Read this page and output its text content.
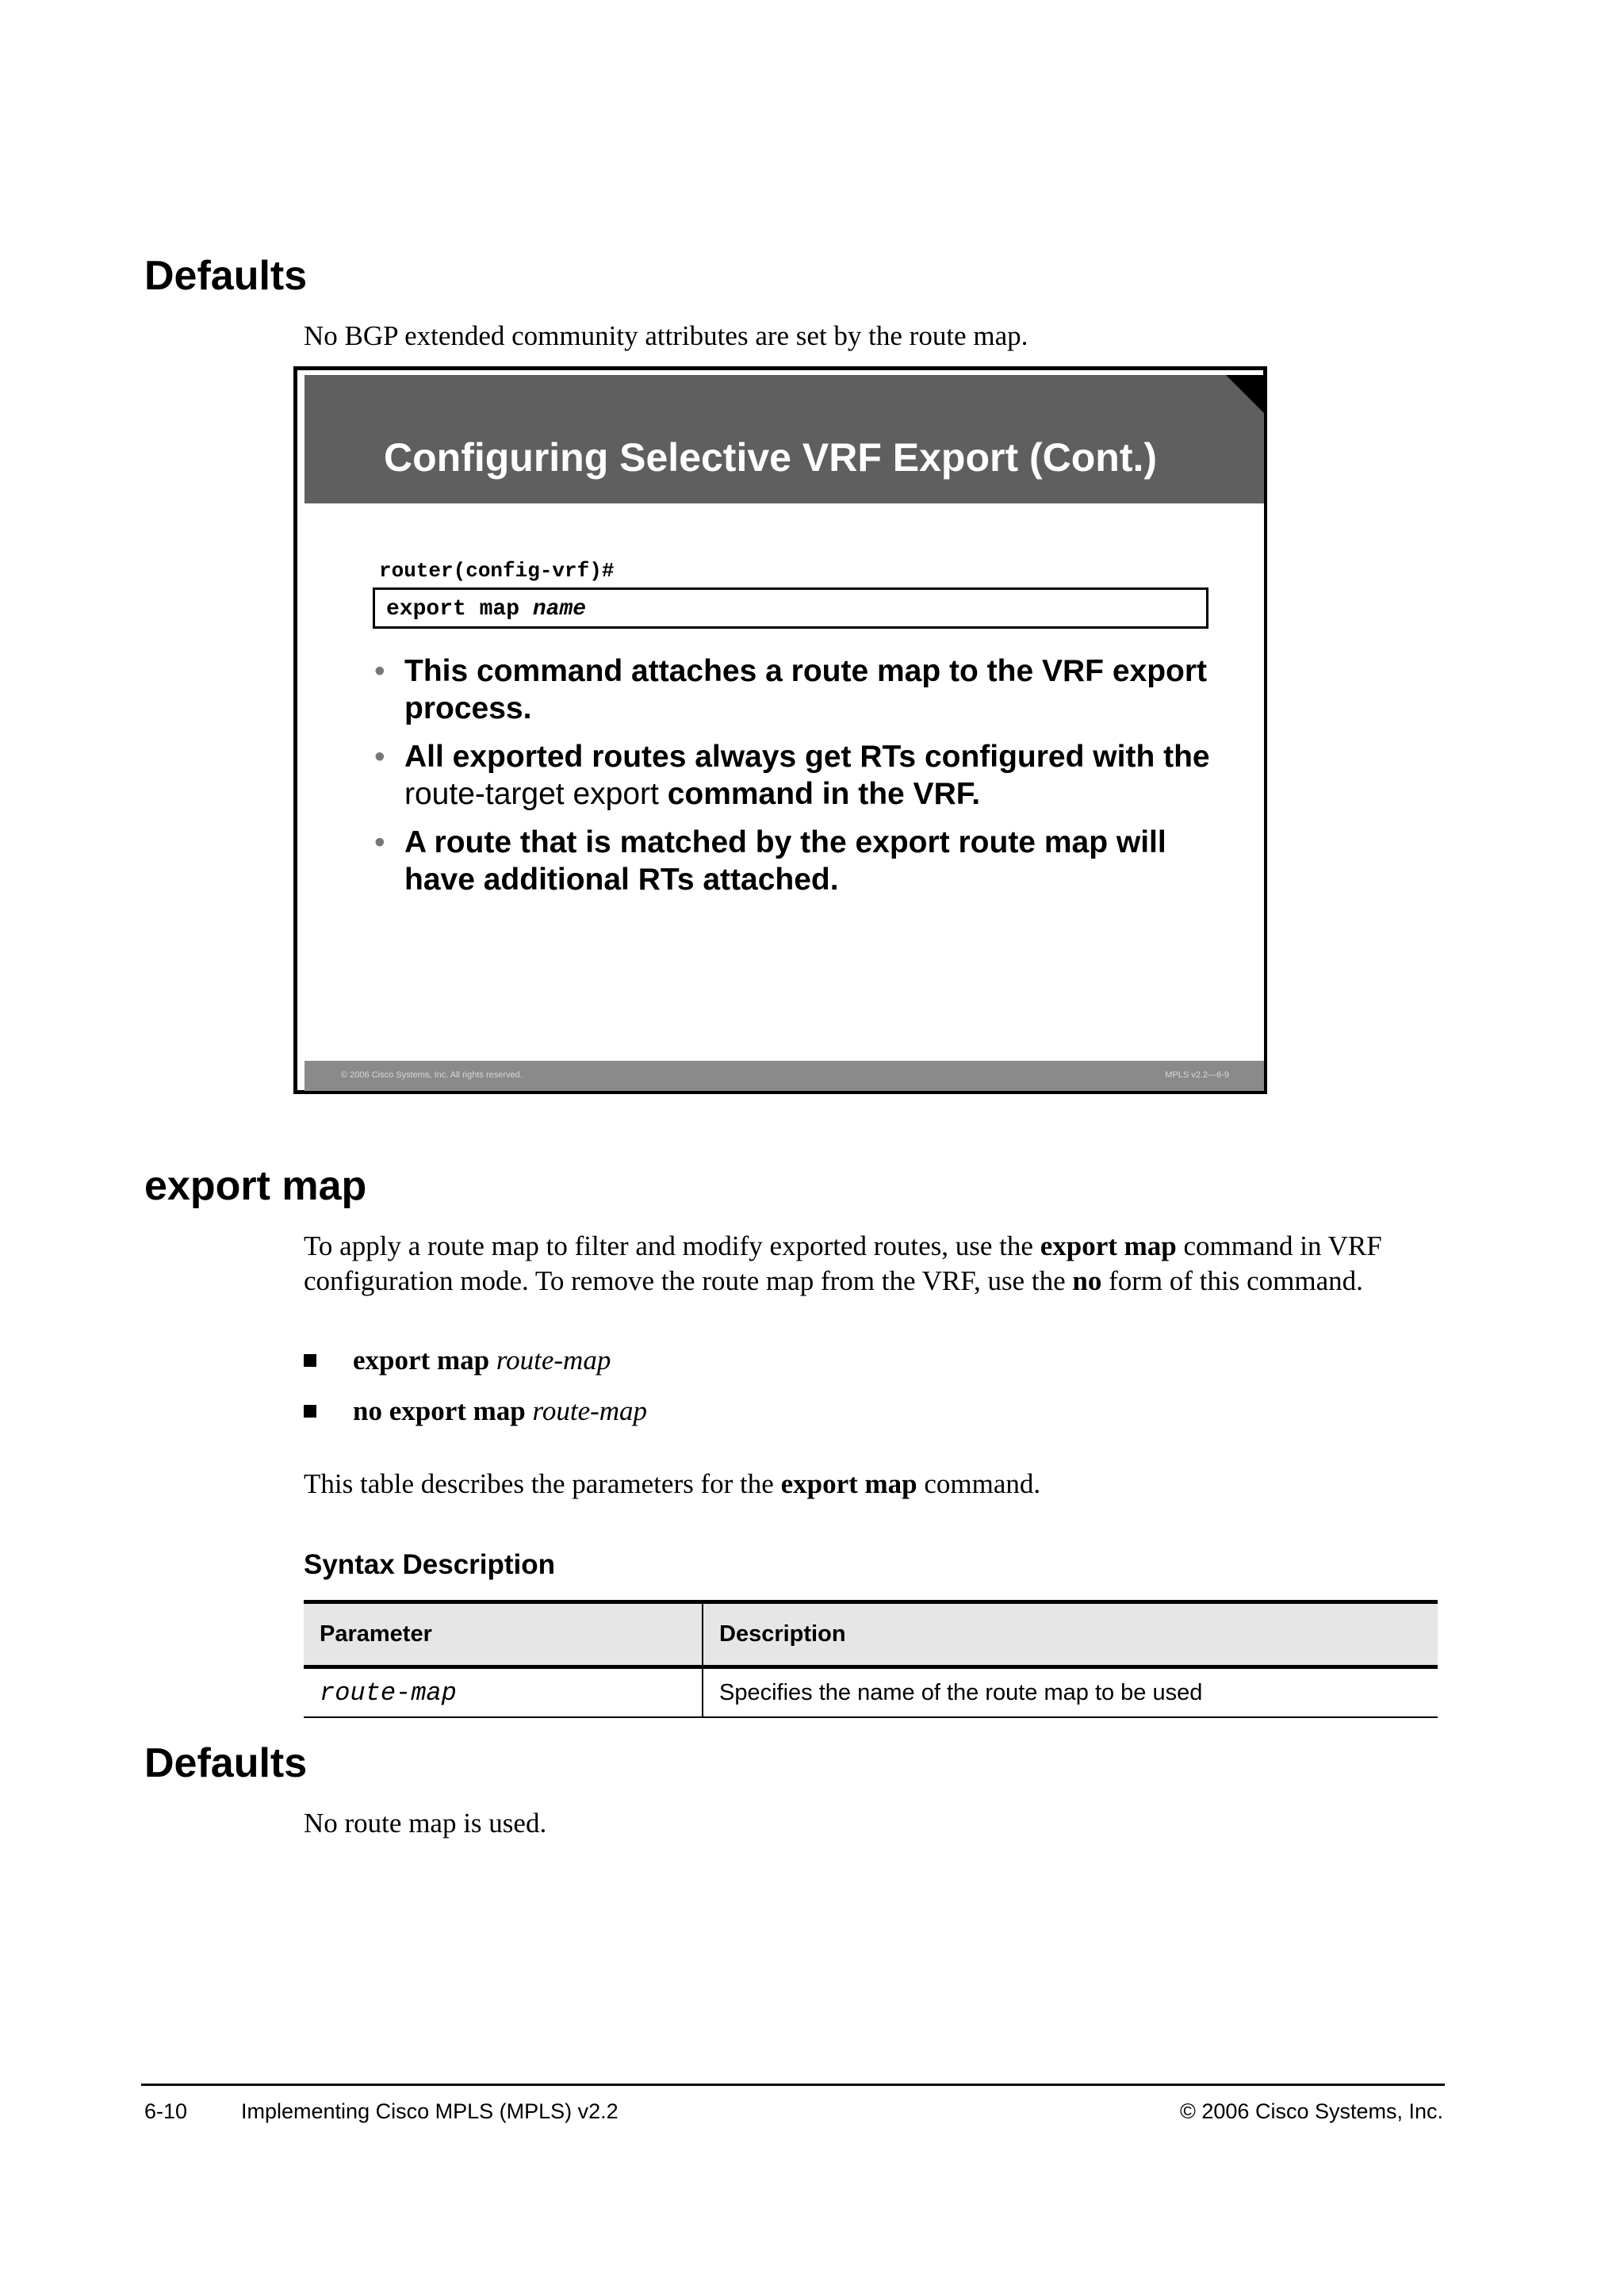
Defaults

No BGP extended community attributes are set by the route map.

Configuring Selective VRF Export (Cont.)
router(config-vrf)#
export map name
• This command attaches a route map to the VRF export process.
• All exported routes always get RTs configured with the route-target export command in the VRF.
• A route that is matched by the export route map will have additional RTs attached.
© 2006 Cisco Systems, Inc. All rights reserved.	MPLS v2.2—6-9
export map

To apply a route map to filter and modify exported routes, use the export map command in VRF configuration mode. To remove the route map from the VRF, use the no form of this command.

export map route-map
no export map route-map

This table describes the parameters for the export map command.

Syntax Description
Parameter	Description
route-map	Specifies the name of the route map to be used
Defaults

No route map is used.

6-10	Implementing Cisco MPLS (MPLS) v2.2	© 2006 Cisco Systems, Inc.
